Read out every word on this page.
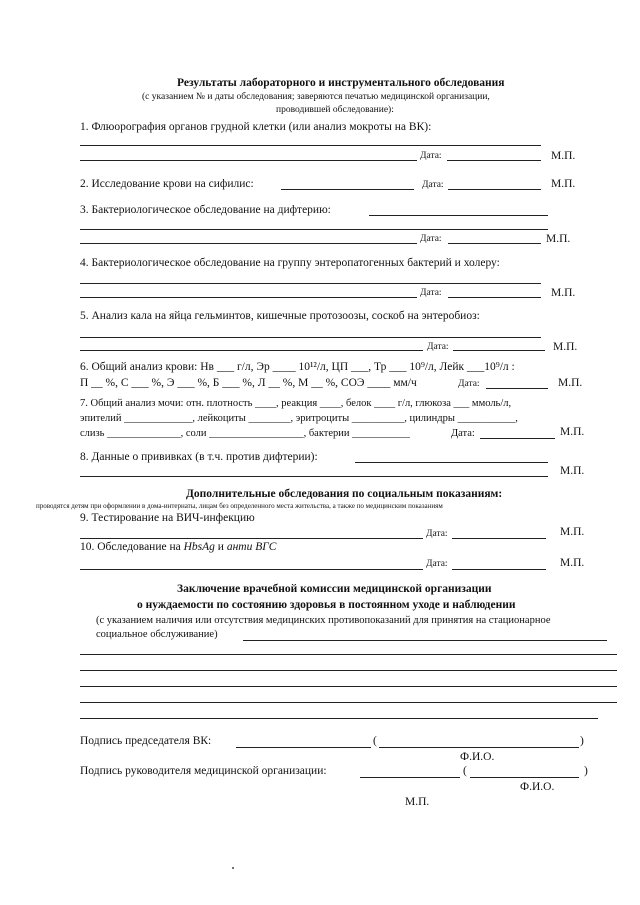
Результаты лабораторного и инструментального обследования
(с указанием № и даты обследования; заверяются печатью медицинской организации,
проводившей обследование):
1. Флюорография органов грудной клетки (или анализ мокроты на ВК):
Дата:	М.П.
2. Исследование крови на сифилис:	Дата:	М.П.
3. Бактериологическое обследование на дифтерию:
Дата:	М.П.
4. Бактериологическое обследование на группу энтеропатогенных бактерий и холеру:
Дата:	М.П.
5. Анализ кала на яйца гельминтов, кишечные протозоозы, соскоб на энтеробиоз:
Дата:	М.П.
6. Общий анализ крови: Нв ___ г/л, Эр ____ 10¹²/л, ЦП ___, Тр ___ 10⁹/л, Лейк ___10⁹/л :
П __ %, С ___ %, Э ___ %, Б ___ %, Л __ %, М __ %, СОЭ ____ мм/ч	Дата:	М.П.
7. Общий анализ мочи: отн. плотность ____, реакция ____, белок ____ г/л, глюкоза ___ ммоль/л,
эпителий _____________, лейкоциты ________, эритроциты __________, цилиндры ___________,
слизь ______________, соли __________________, бактерии ___________	Дата:	М.П.
8. Данные о прививках (в т.ч. против дифтерии):
М.П.
Дополнительные обследования по социальным показаниям:
проводятся детям при оформлении в дома-интернаты, лицам без определенного места жительства, а также по медицинским показаниям
9. Тестирование на ВИЧ-инфекцию
Дата:	М.П.
10. Обследование на HbsAg и анти ВГС
Дата:	М.П.
Заключение врачебной комиссии медицинской организации
о нуждаемости по состоянию здоровья в постоянном уходе и наблюдении
(с указанием наличия или отсутствия медицинских противопоказаний для принятия на стационарное
социальное обслуживание)
Подпись председателя ВК:	(	)
Ф.И.О.
Подпись руководителя медицинской организации:	(	)
Ф.И.О.
М.П.
